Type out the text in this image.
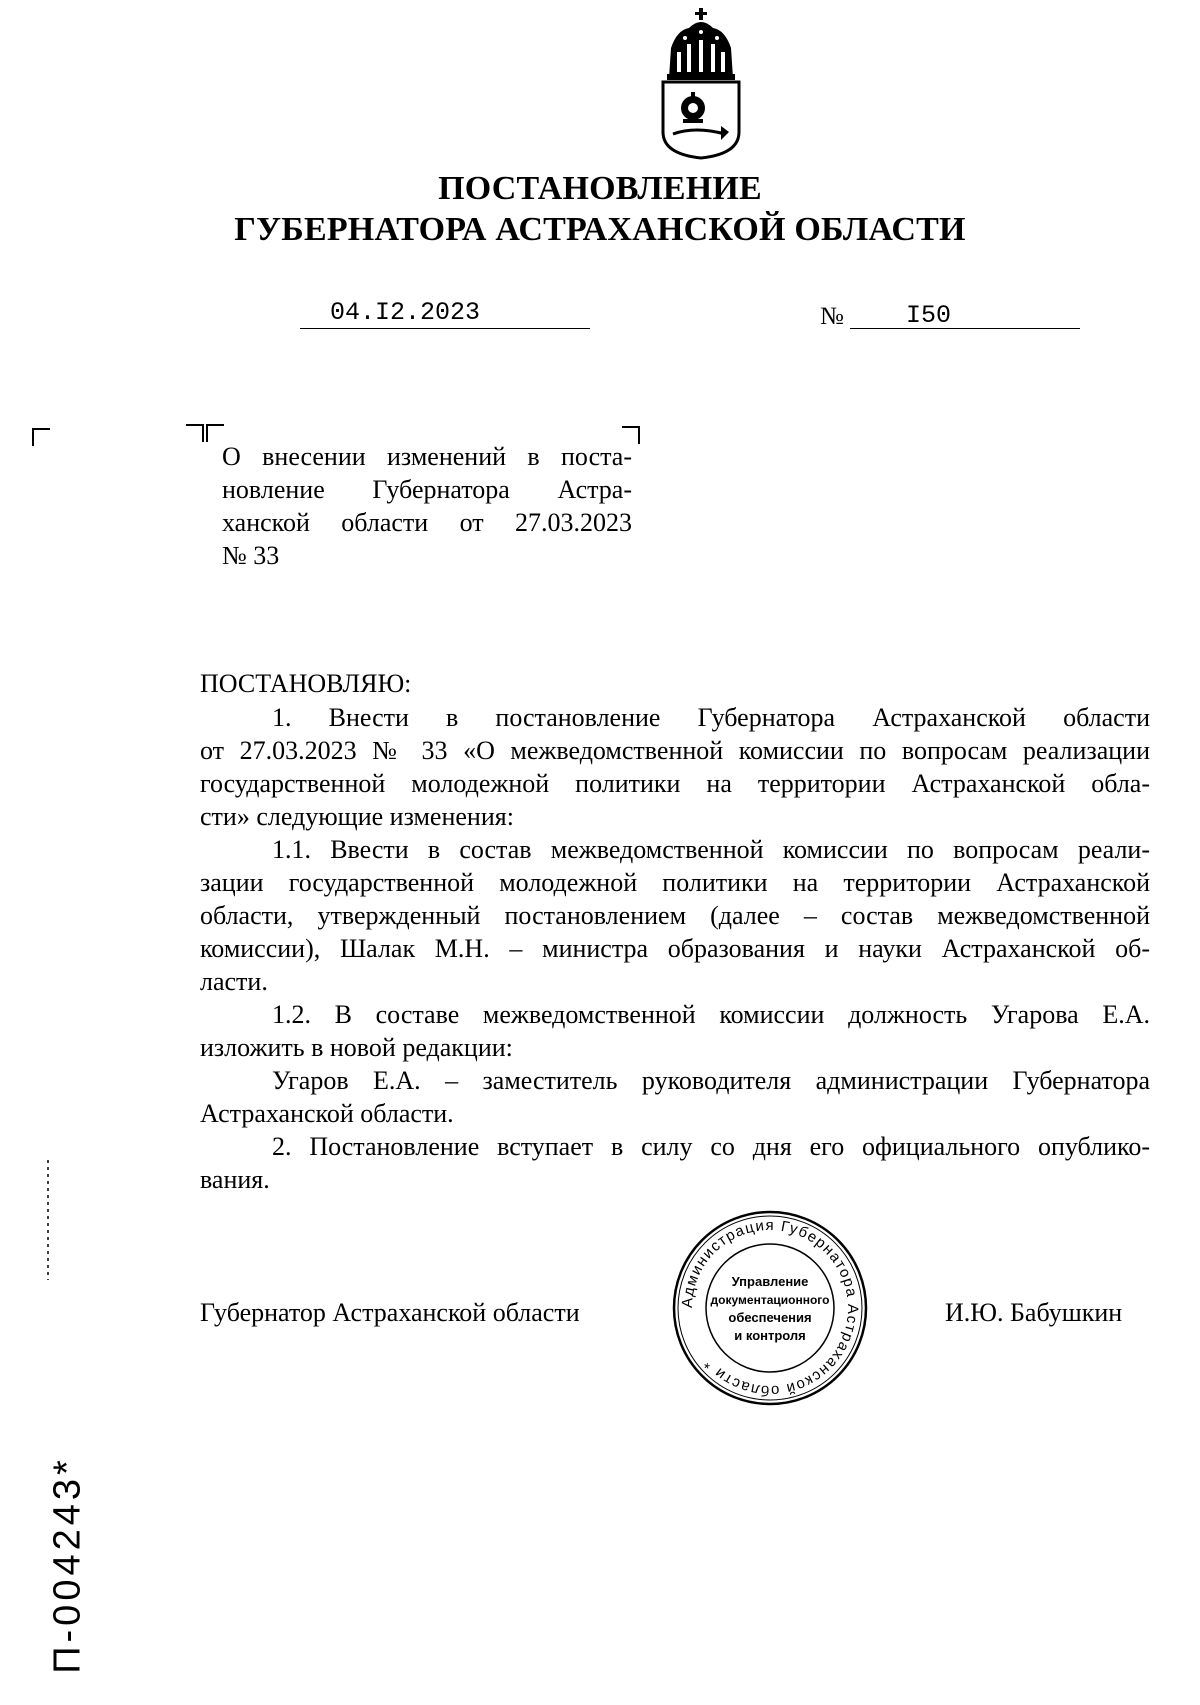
ПОСТАНОВЛЕНИЕ
ГУБЕРНАТОРА АСТРАХАНСКОЙ ОБЛАСТИ
04.I2.2023	№ I50
О внесении изменений в поста-
новление Губернатора Астра-
ханской области от 27.03.2023
№ 33
ПОСТАНОВЛЯЮ:
1. Внести в постановление Губернатора Астраханской области
от 27.03.2023 № 33 «О межведомственной комиссии по вопросам реализации
государственной молодежной политики на территории Астраханской обла-
сти» следующие изменения:
1.1. Ввести в состав межведомственной комиссии по вопросам реали-
зации государственной молодежной политики на территории Астраханской
области, утвержденный постановлением (далее – состав межведомственной
комиссии), Шалак М.Н. – министра образования и науки Астраханской об-
ласти.
1.2. В составе межведомственной комиссии должность Угарова Е.А.
изложить в новой редакции:
Угаров Е.А. – заместитель руководителя администрации Губернатора
Астраханской области.
2. Постановление вступает в силу со дня его официального опублико-
вания.
Губернатор Астраханской области	И.Ю. Бабушкин
Администрация Губернатора Астраханской области *
Управление
документационного
обеспечения
и контроля
П-004243*
